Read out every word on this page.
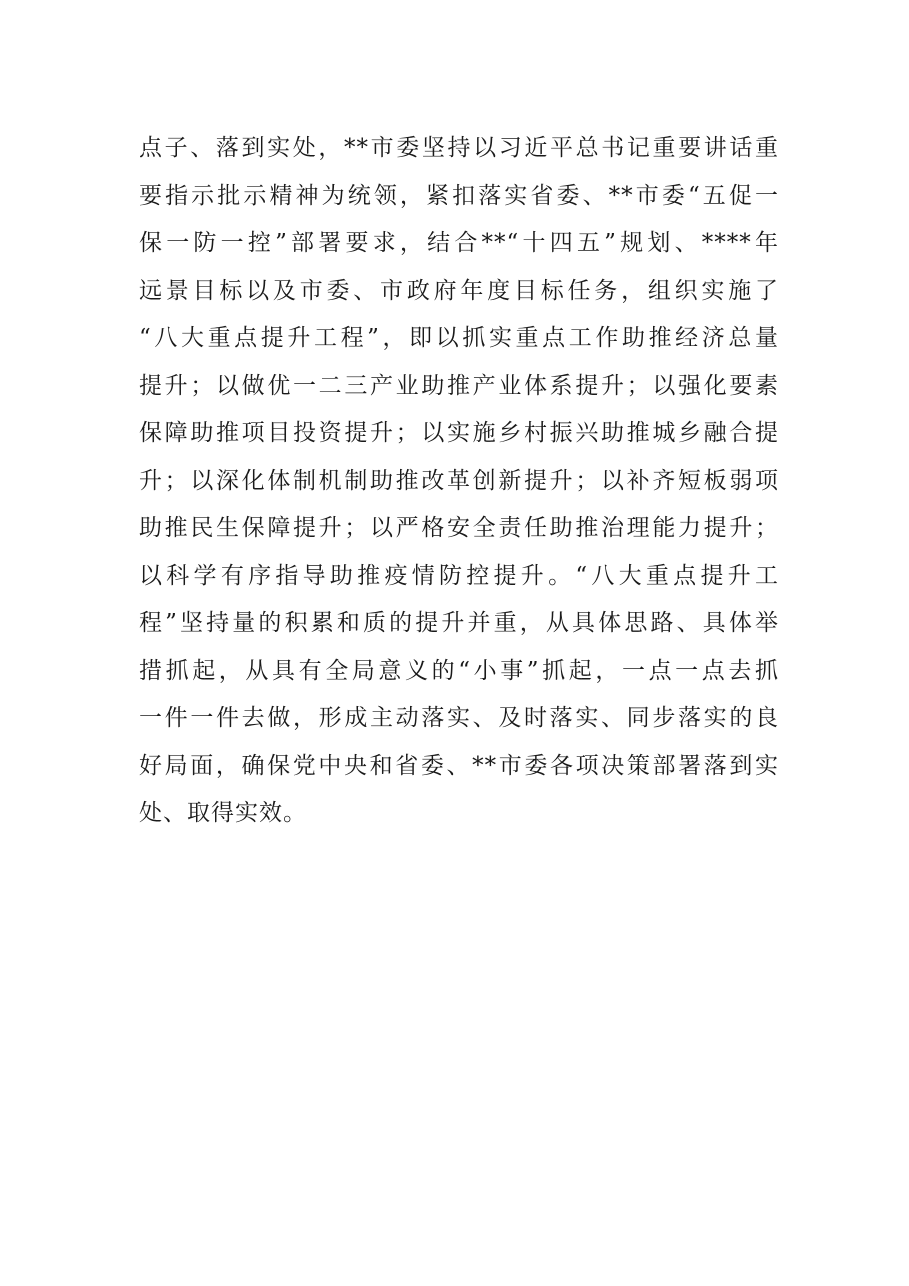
点子、落到实处，**市委坚持以习近平总书记重要讲话重
要指示批示精神为统领，紧扣落实省委、**市委“五促一
保一防一控”部署要求，结合**“十四五”规划、****年
远景目标以及市委、市政府年度目标任务，组织实施了
“八大重点提升工程”，即以抓实重点工作助推经济总量
提升；以做优一二三产业助推产业体系提升；以强化要素
保障助推项目投资提升；以实施乡村振兴助推城乡融合提
升；以深化体制机制助推改革创新提升；以补齐短板弱项
助推民生保障提升；以严格安全责任助推治理能力提升；
以科学有序指导助推疫情防控提升。“八大重点提升工
程”坚持量的积累和质的提升并重，从具体思路、具体举
措抓起，从具有全局意义的“小事”抓起，一点一点去抓
一件一件去做，形成主动落实、及时落实、同步落实的良
好局面，确保党中央和省委、**市委各项决策部署落到实
处、取得实效。
